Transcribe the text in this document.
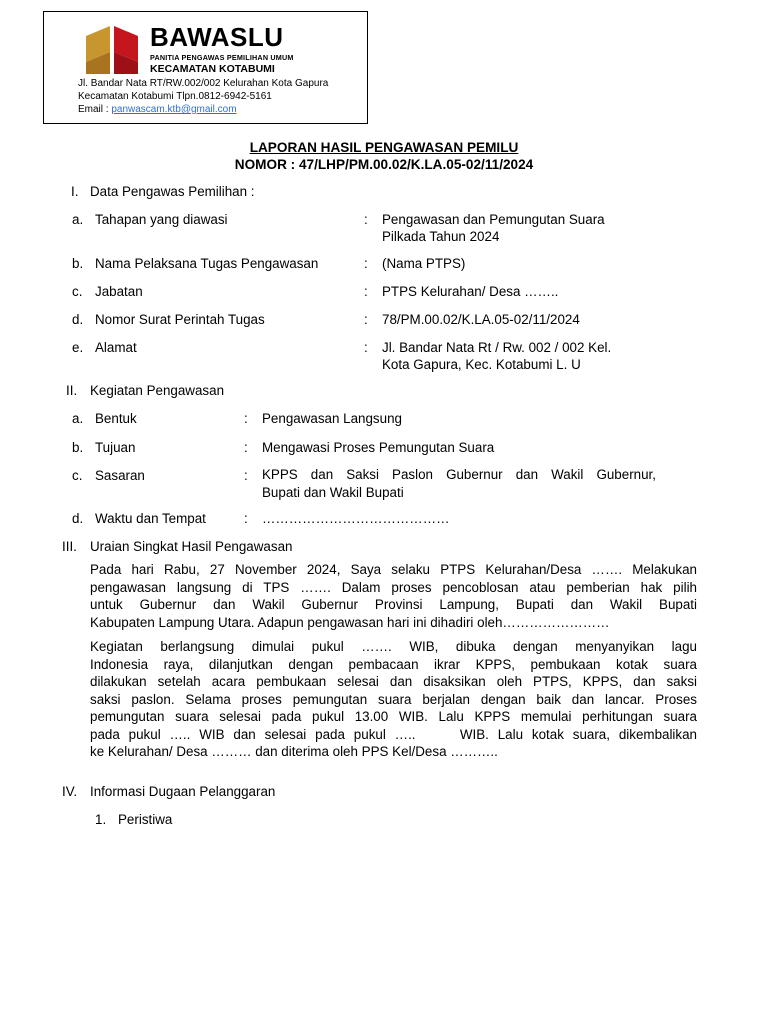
BAWASLU
PANITIA PENGAWAS PEMILIHAN UMUM
KECAMATAN KOTABUMI
Jl. Bandar Nata RT/RW.002/002 Kelurahan Kota Gapura
Kecamatan Kotabumi Tlpn.0812-6942-5161
Email : panwascam.ktb@gmail.com
LAPORAN HASIL PENGAWASAN PEMILU
NOMOR : 47/LHP/PM.00.02/K.LA.05-02/11/2024
I. Data Pengawas Pemilihan :
a. Tahapan yang diawasi	: Pengawasan dan Pemungutan Suara
Pilkada Tahun 2024
b. Nama Pelaksana Tugas Pengawasan	: (Nama PTPS)
c. Jabatan	: PTPS Kelurahan/ Desa ……..
d. Nomor Surat Perintah Tugas	: 78/PM.00.02/K.LA.05-02/11/2024
e. Alamat	: Jl. Bandar Nata Rt / Rw. 002 / 002 Kel.
Kota Gapura, Kec. Kotabumi L. U
II. Kegiatan Pengawasan
a. Bentuk	: Pengawasan Langsung
b. Tujuan	: Mengawasi Proses Pemungutan Suara
c. Sasaran	: KPPS dan Saksi Paslon Gubernur dan Wakil Gubernur,
Bupati dan Wakil Bupati
d. Waktu dan Tempat	: ……………………………………
III. Uraian Singkat Hasil Pengawasan
Pada hari Rabu, 27 November 2024, Saya selaku PTPS Kelurahan/Desa ……. Melakukan
pengawasan langsung di TPS ……. Dalam proses pencoblosan atau pemberian hak pilih
untuk Gubernur dan Wakil Gubernur Provinsi Lampung, Bupati dan Wakil Bupati
Kabupaten Lampung Utara. Adapun pengawasan hari ini dihadiri oleh……………………
Kegiatan berlangsung dimulai pukul ……. WIB, dibuka dengan menyanyikan lagu
Indonesia raya, dilanjutkan dengan pembacaan ikrar KPPS, pembukaan kotak suara
dilakukan setelah acara pembukaan selesai dan disaksikan oleh PTPS, KPPS, dan saksi
saksi paslon. Selama proses pemungutan suara berjalan dengan baik dan lancar. Proses
pemungutan suara selesai pada pukul 13.00 WIB. Lalu KPPS memulai perhitungan suara
pada pukul ….. WIB dan selesai pada pukul …..     WIB. Lalu kotak suara, dikembalikan
ke Kelurahan/ Desa ……… dan diterima oleh PPS Kel/Desa ………..
IV. Informasi Dugaan Pelanggaran
1. Peristiwa
